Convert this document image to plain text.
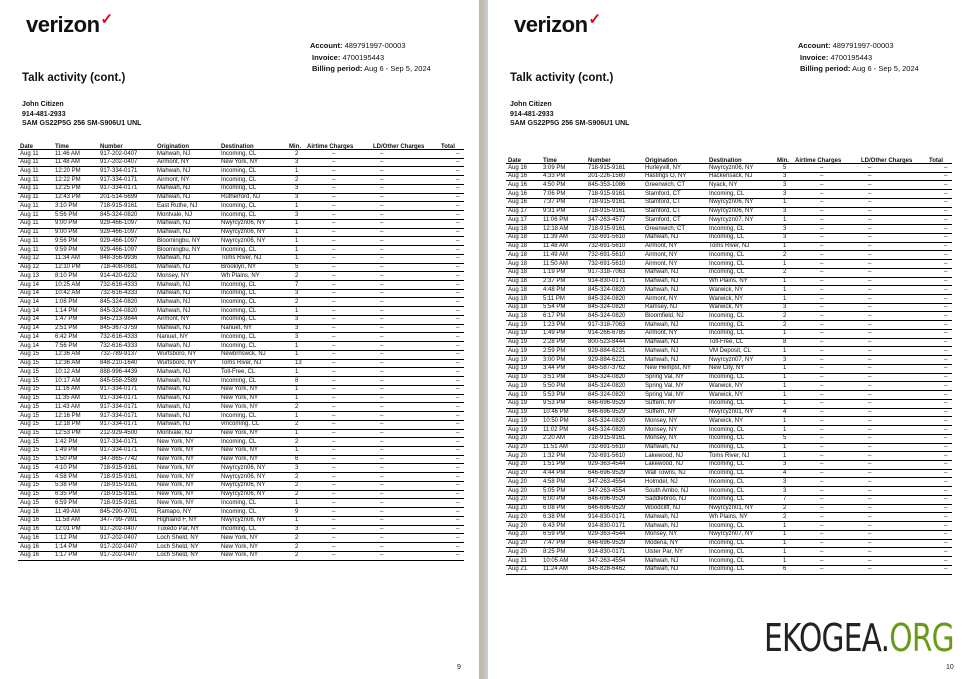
verizon✓
Account: 489791997-00003
Invoice: 4700195443
Billing period: Aug 6 - Sep 5, 2024
Talk activity (cont.)
John Citizen
914-481-2933
SAM GS22P5G 256 SM-S906U1 UNL
Date	Time	Number	Origination	Destination	Min. Airtime Charges	LD/Other Charges	Total
Aug 11	11:46 AM	917-202-0407	Mahwah, NJ	Incoming, CL	2	–	–	–
Aug 11	11:48 AM	917-202-0407	Airmont, NY	New York, NY	3	–	–	–
Aug 11	12:20 PM	917-334-0171	Mahwah, NJ	Incoming, CL	1	–	–	–
Aug 11	12:22 PM	917-334-0171	Airmont, NY	Incoming, CL	2	–	–	–
Aug 11	12:25 PM	917-334-0171	Mahwah, NJ	Incoming, CL	3	–	–	–
Aug 11	12:43 PM	201-514-5699	Mahwah, NJ	Rutherford, NJ	3	–	–	–
Aug 11	3:10 PM	718-915-9161	East Ruthe, NJ	Incoming, CL	1	–	–	–
Aug 11	5:56 PM	845-324-0820	Montvale, NJ	Incoming, CL	3	–	–	–
Aug 11	9:00 PM	929-466-1097	Mahwah, NJ	Nwyrcyzn06, NY	1	–	–	–
Aug 11	9:00 PM	929-466-1097	Mahwah, NJ	Nwyrcyzn06, NY	1	–	–	–
Aug 11	9:56 PM	929-466-1097	Bloomingbu, NY	Nwyrcyzn06, NY	1	–	–	–
Aug 11	9:59 PM	929-466-1097	Bloomingbu, NY	Incoming, CL	1	–	–	–
Aug 12	11:34 AM	848-356-9936	Mahwah, NJ	Toms River, NJ	1	–	–	–
Aug 12	12:10 PM	718-408-0681	Mahwah, NJ	Brooklyn, NY	5	–	–	–
Aug 13	8:10 PM	914-420-6232	Monsey, NY	Wh Plains, NY	2	–	–	–
Aug 14	10:25 AM	732-616-4333	Mahwah, NJ	Incoming, CL	7	–	–	–
Aug 14	10:42 AM	732-616-4333	Mahwah, NJ	Incoming, CL	3	–	–	–
Aug 14	1:08 PM	845-324-0820	Mahwah, NJ	Incoming, CL	2	–	–	–
Aug 14	1:14 PM	845-324-0820	Mahwah, NJ	Incoming, CL	1	–	–	–
Aug 14	1:47 PM	845-213-9844	Airmont, NY	Incoming, CL	3	–	–	–
Aug 14	2:51 PM	845-367-3759	Mahwah, NJ	Nanuet, NY	3	–	–	–
Aug 14	6:42 PM	732-616-4333	Nanuet, NY	Incoming, CL	3	–	–	–
Aug 14	7:56 PM	732-616-4333	Mahwah, NJ	Incoming, CL	1	–	–	–
Aug 15	12:36 AM	732-789-9137	Wurtsboro, NY	Newbrnswck, NJ	1	–	–	–
Aug 15	12:36 AM	848-210-1640	Wurtsboro, NY	Toms River, NJ	13	–	–	–
Aug 15	10:12 AM	888-996-4439	Mahwah, NJ	Toll-Free, CL	1	–	–	–
Aug 15	10:17 AM	845-558-2589	Mahwah, NJ	Incoming, CL	8	–	–	–
Aug 15	11:16 AM	917-334-0171	Mahwah, NJ	New York, NY	1	–	–	–
Aug 15	11:35 AM	917-334-0171	Mahwah, NJ	New York, NY	1	–	–	–
Aug 15	11:43 AM	917-334-0171	Mahwah, NJ	New York, NY	2	–	–	–
Aug 15	12:16 PM	917-334-0171	Mahwah, NJ	Incoming, CL	1	–	–	–
Aug 15	12:18 PM	917-334-0171	Mahwah, NJ	vIncoming, CL	2	–	–	–
Aug 15	12:53 PM	212-929-4500	Montvale, NJ	New York, NY	1	–	–	–
Aug 15	1:42 PM	917-334-0171	New York, NY	Incoming, CL	2	–	–	–
Aug 15	1:49 PM	917-334-0171	New York, NY	New York, NY	1	–	–	–
Aug 15	1:50 PM	347-865-7742	New York, NY	New York, NY	6	–	–	–
Aug 15	4:10 PM	718-915-9161	New York, NY	Nwyrcyzn06, NY	3	–	–	–
Aug 15	4:58 PM	718-915-9161	New York, NY	Nwyrcyzn06, NY	2	–	–	–
Aug 15	5:38 PM	718-915-9161	New York, NY	Nwyrcyzn06, NY	2	–	–	–
Aug 15	6:35 PM	718-915-9161	New York, NY	Nwyrcyzn06, NY	2	–	–	–
Aug 15	6:59 PM	718-915-9161	New York, NY	Incoming, CL	1	–	–	–
Aug 16	11:49 AM	845-290-9701	Ramapo, NY	Incoming, CL	9	–	–	–
Aug 16	11:58 AM	347-799-7991	Highland F, NY	Nwyrcyzn06, NY	1	–	–	–
Aug 16	12:01 PM	917-202-0407	Tuxedo Par, NY	Incoming, CL	3	–	–	–
Aug 16	1:12 PM	917-202-0407	Loch Sheld, NY	New York, NY	2	–	–	–
Aug 16	1:14 PM	917-202-0407	Loch Sheld, NY	New York, NY	2	–	–	–
Aug 16	1:17 PM	917-202-0407	Loch Sheld, NY	New York, NY	2	–	–	–
9
verizon✓
Account: 489791997-00003
Invoice: 4700195443
Billing period: Aug 6 - Sep 5, 2024
Talk activity (cont.)
John Citizen
914-481-2933
SAM GS22P5G 256 SM-S906U1 UNL
Date	Time	Number	Origination	Destination	Min. Airtime Charges	LD/Other Charges	Total
Aug 16	3:09 PM	718-915-9161	Hurleyvill, NY	Nwyrcyzn06, NY	5	–	–	–
Aug 16	4:33 PM	201-226-1560	Hastings O, NY	Hackensack, NJ	3	–	–	–
Aug 16	4:50 PM	845-353-1086	Greenwich, CT	Nyack, NY	3	–	–	–
Aug 16	7:06 PM	718-915-9161	Stamford, CT	Incoming, CL	3	–	–	–
Aug 16	7:37 PM	718-915-9161	Stamford, CT	Nwyrcyzn06, NY	1	–	–	–
Aug 17	9:31 PM	718-915-9161	Stamford, CT	Nwyrcyzn06, NY	3	–	–	–
Aug 17	11:06 PM	347-263-4577	Stamford, CT	Nwyrcyzn07, NY	1	–	–	–
Aug 18	12:18 AM	718-915-9161	Greenwich, CT	Incoming, CL	3	–	–	–
Aug 18	11:39 AM	732-691-5610	Mahwah, NJ	Incoming, CL	3	–	–	–
Aug 18	11:48 AM	732-691-5610	Airmont, NY	Toms River, NJ	1	–	–	–
Aug 18	11:49 AM	732-691-5610	Airmont, NY	Incoming, CL	2	–	–	–
Aug 18	11:50 AM	732-691-5610	Airmont, NY	Incoming, CL	1	–	–	–
Aug 18	1:19 PM	917-318-7063	Mahwah, NJ	Incoming, CL	2	–	–	–
Aug 18	2:37 PM	914-830-0171	Mahwah, NJ	Wh Plains, NY	1	–	–	–
Aug 18	4:48 PM	845-324-0820	Mahwah, NJ	Warwick, NY	1	–	–	–
Aug 18	5:11 PM	845-324-0820	Airmont, NY	Warwick, NY	1	–	–	–
Aug 18	5:54 PM	845-324-0820	Ramsey, NJ	Warwick, NY	3	–	–	–
Aug 18	6:17 PM	845-324-0820	Bloomfield, NJ	Incoming, CL	2	–	–	–
Aug 19	1:23 PM	917-318-7063	Mahwah, NJ	Incoming, CL	2	–	–	–
Aug 19	1:49 PM	914-266-6785	Airmont, NY	Incoming, CL	1	–	–	–
Aug 19	2:28 PM	800-523-8444	Mahwah, NJ	Toll-Free, CL	8	–	–	–
Aug 19	2:59 PM	929-884-6221	Mahwah, NJ	VM Deposit, CL	1	–	–	–
Aug 19	3:00 PM	929-884-6221	Mahwah, NJ	Nwyrcyzn07, NY	3	–	–	–
Aug 19	3:44 PM	845-587-3762	New Hempst, NY	New City, NY	1	–	–	–
Aug 19	3:51 PM	845-324-0820	Spring Val, NY	Incoming, CL	1	–	–	–
Aug 19	5:50 PM	845-324-0820	Spring Val, NY	Warwick, NY	1	–	–	–
Aug 19	5:53 PM	845-324-0820	Spring Val, NY	Warwick, NY	1	–	–	–
Aug 19	9:53 PM	646-696-9529	Suffern, NY	Incoming, CL	1	–	–	–
Aug 19	10:46 PM	646-696-9529	Suffern, NY	Nwyrcyzn01, NY	4	–	–	–
Aug 19	10:50 PM	845-324-0820	Monsey, NY	Warwick, NY	1	–	–	–
Aug 19	11:02 PM	845-324-0820	Monsey, NY	Incoming, CL	1	–	–	–
Aug 20	2:20 AM	718-915-9161	Monsey, NY	Incoming, CL	5	–	–	–
Aug 20	11:51 AM	732-691-5610	Mahwah, NJ	Incoming, CL	1	–	–	–
Aug 20	1:32 PM	732-691-5610	Lakewood, NJ	Toms River, NJ	1	–	–	–
Aug 20	1:51 PM	929-363-4544	Lakewood, NJ	Incoming, CL	3	–	–	–
Aug 20	4:44 PM	646-696-9529	Wall Towns, NJ	Incoming, CL	4	–	–	–
Aug 20	4:58 PM	347-263-4554	Holmdel, NJ	Incoming, CL	3	–	–	–
Aug 20	5:05 PM	347-263-4554	South Ambo, NJ	Incoming, CL	3	–	–	–
Aug 20	6:00 PM	646-696-9529	Saddlebroo, NJ	Incoming, CL	7	–	–	–
Aug 20	6:08 PM	646-696-9529	Woodcliff, NJ	Nwyrcyzn01, NY	2	–	–	–
Aug 20	6:38 PM	914-830-0171	Mahwah, NJ	Wh Plains, NY	2	–	–	–
Aug 20	6:43 PM	914-830-0171	Mahwah, NJ	Incoming, CL	1	–	–	–
Aug 20	6:59 PM	929-363-4544	Monsey, NY	Nwyrcyzn07, NY	1	–	–	–
Aug 20	7:47 PM	646-696-9529	Modena, NY	Incoming, CL	1	–	–	–
Aug 20	8:25 PM	914-830-0171	Ulster Par, NY	Incoming, CL	1	–	–	–
Aug 21	10:05 AM	347-263-4554	Mahwah, NJ	Incoming, CL	1	–	–	–
Aug 21	11:24 AM	845-828-6462	Mahwah, NJ	Incoming, CL	6	–	–	–
10
EKOGEA.ORG
